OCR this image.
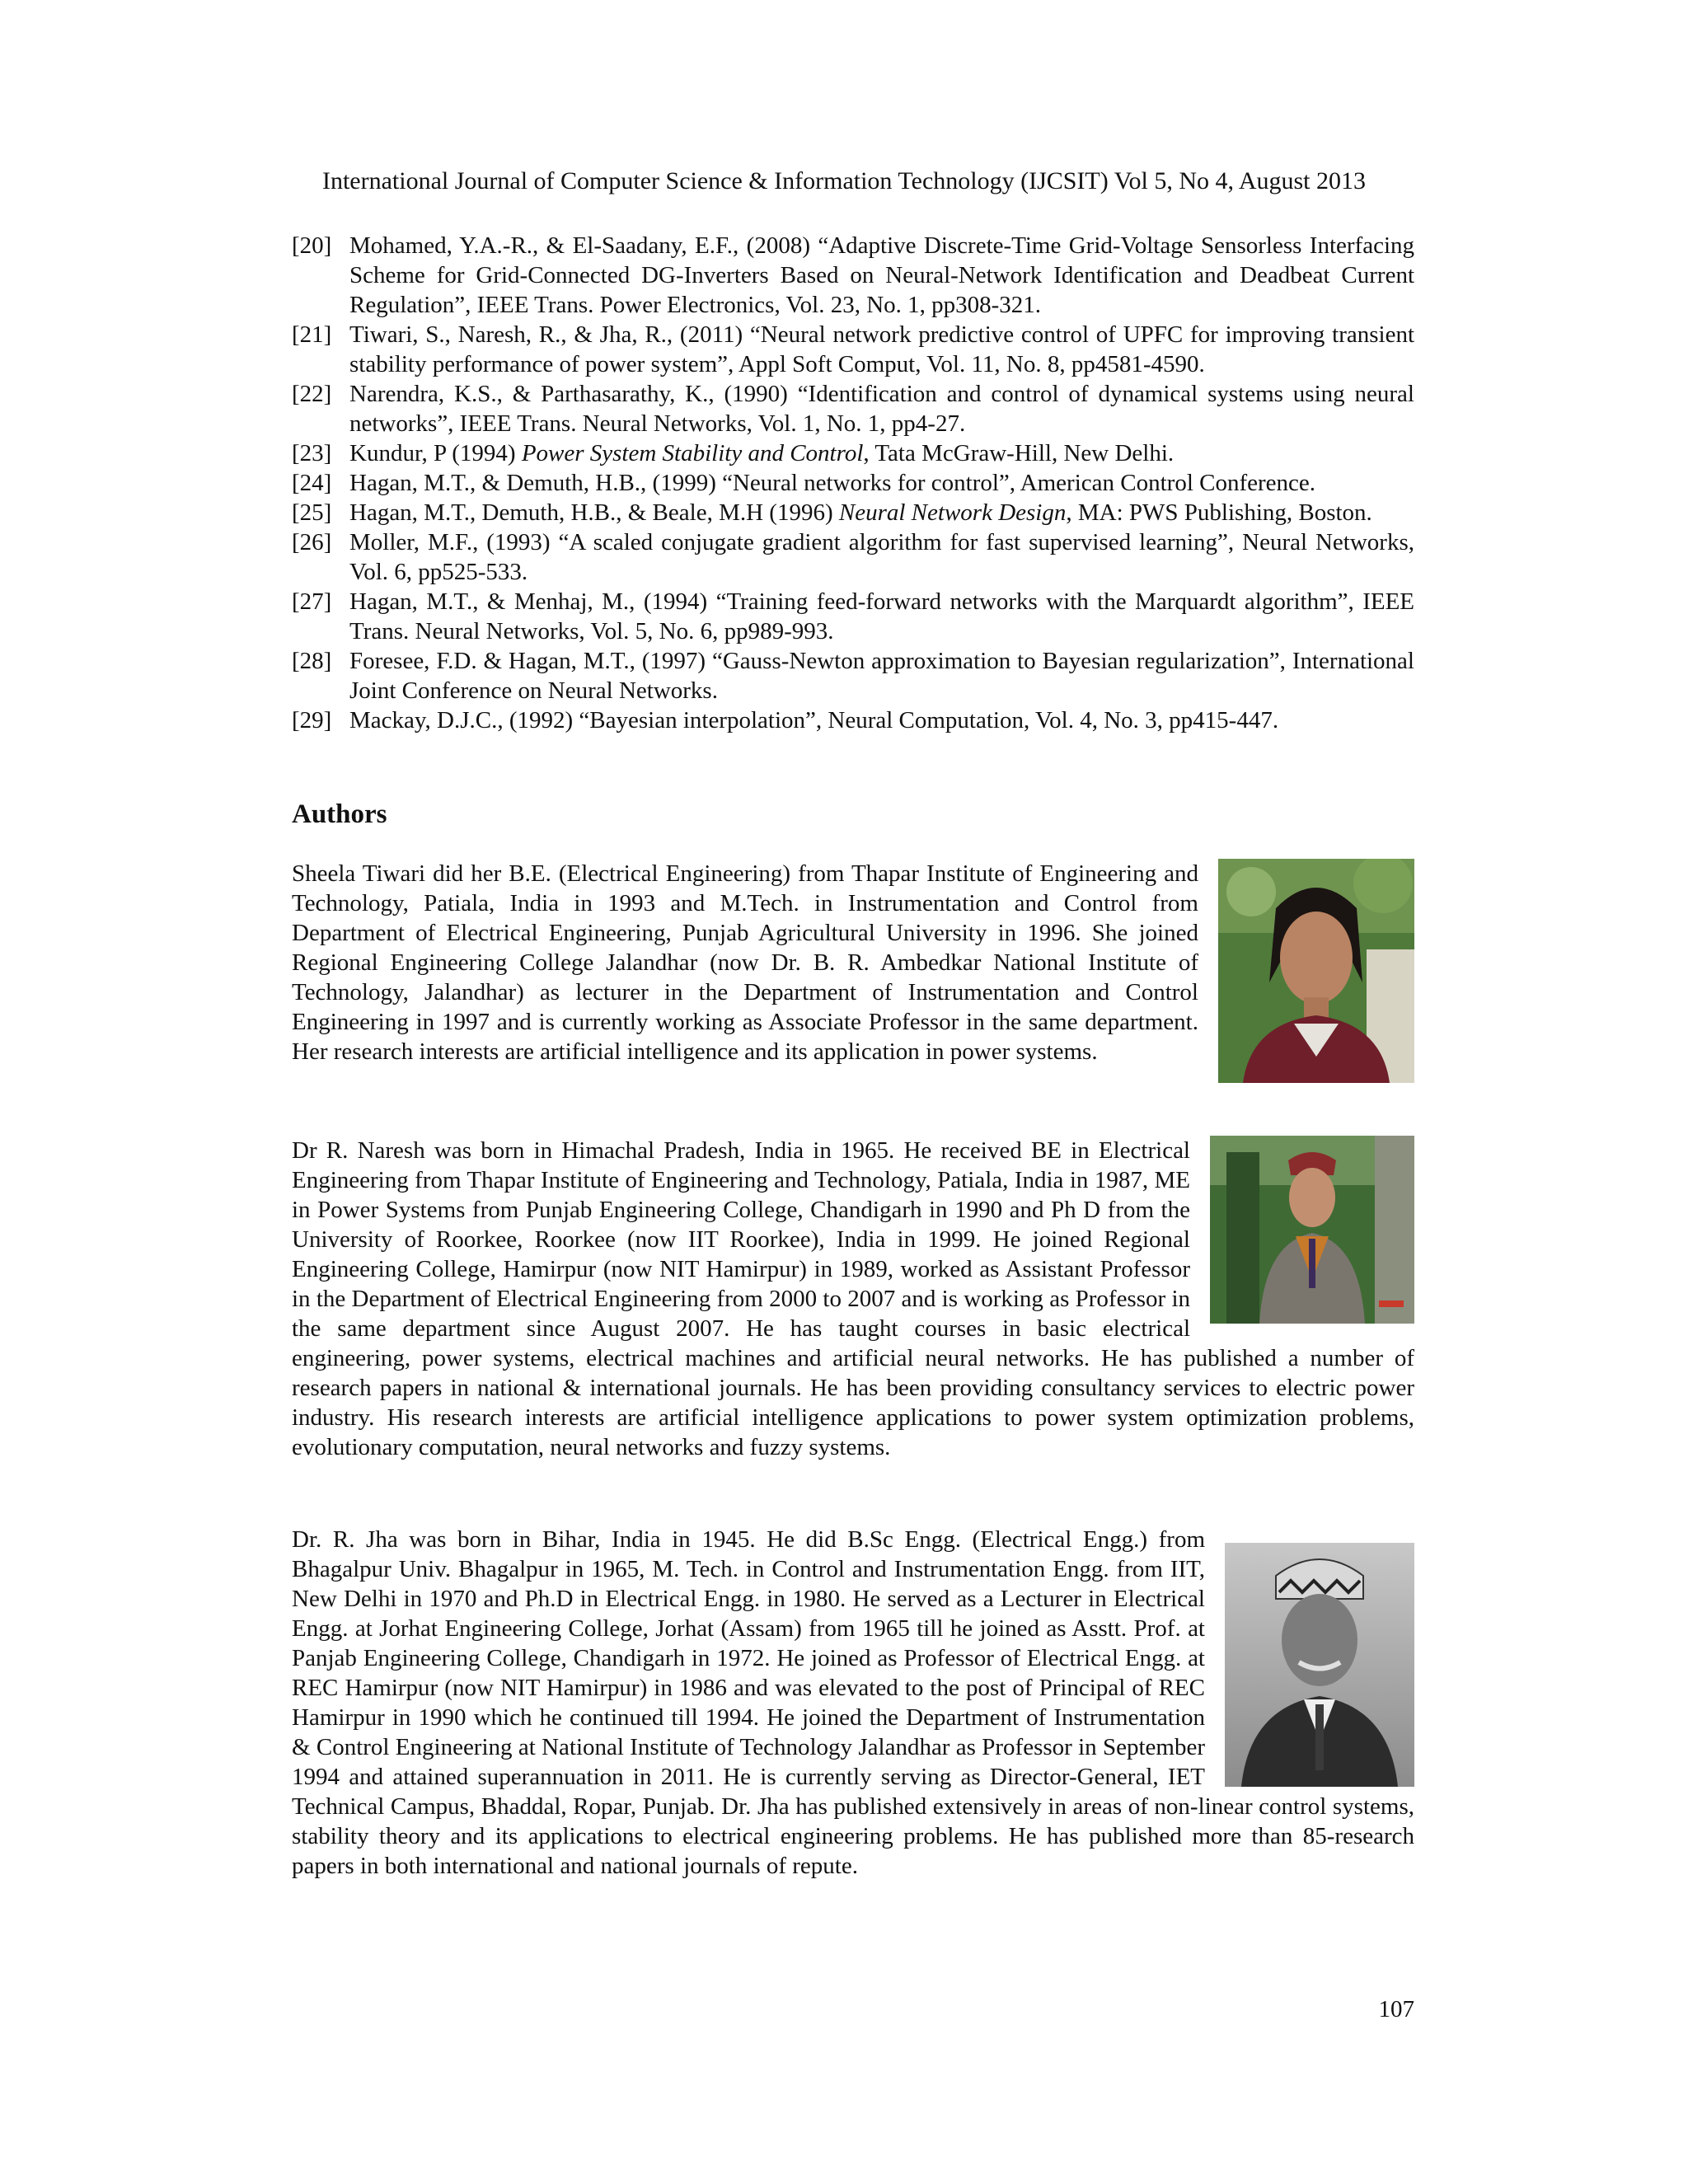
International Journal of Computer Science & Information Technology (IJCSIT) Vol 5, No 4, August 2013
[20] Mohamed, Y.A.-R., & El-Saadany, E.F., (2008) “Adaptive Discrete-Time Grid-Voltage Sensorless Interfacing Scheme for Grid-Connected DG-Inverters Based on Neural-Network Identification and Deadbeat Current Regulation”, IEEE Trans. Power Electronics, Vol. 23, No. 1, pp308-321.
[21] Tiwari, S., Naresh, R., & Jha, R., (2011) “Neural network predictive control of UPFC for improving transient stability performance of power system”, Appl Soft Comput, Vol. 11, No. 8, pp4581-4590.
[22] Narendra, K.S., & Parthasarathy, K., (1990) “Identification and control of dynamical systems using neural networks”, IEEE Trans. Neural Networks, Vol. 1, No. 1, pp4-27.
[23] Kundur, P (1994) Power System Stability and Control, Tata McGraw-Hill, New Delhi.
[24] Hagan, M.T., & Demuth, H.B., (1999) “Neural networks for control”, American Control Conference.
[25] Hagan, M.T., Demuth, H.B., & Beale, M.H (1996) Neural Network Design, MA: PWS Publishing, Boston.
[26] Moller, M.F., (1993) “A scaled conjugate gradient algorithm for fast supervised learning”, Neural Networks, Vol. 6, pp525-533.
[27] Hagan, M.T., & Menhaj, M., (1994) “Training feed-forward networks with the Marquardt algorithm”, IEEE Trans. Neural Networks, Vol. 5, No. 6, pp989-993.
[28] Foresee, F.D. & Hagan, M.T., (1997) “Gauss-Newton approximation to Bayesian regularization”, International Joint Conference on Neural Networks.
[29] Mackay, D.J.C., (1992) “Bayesian interpolation”, Neural Computation, Vol. 4, No. 3, pp415-447.
Authors
Sheela Tiwari did her B.E. (Electrical Engineering) from Thapar Institute of Engineering and Technology, Patiala, India in 1993 and M.Tech. in Instrumentation and Control from Department of Electrical Engineering, Punjab Agricultural University in 1996. She joined Regional Engineering College Jalandhar (now Dr. B. R. Ambedkar National Institute of Technology, Jalandhar) as lecturer in the Department of Instrumentation and Control Engineering in 1997 and is currently working as Associate Professor in the same department. Her research interests are artificial intelligence and its application in power systems.
Dr R. Naresh was born in Himachal Pradesh, India in 1965. He received BE in Electrical Engineering from Thapar Institute of Engineering and Technology, Patiala, India in 1987, ME in Power Systems from Punjab Engineering College, Chandigarh in 1990 and Ph D from the University of Roorkee, Roorkee (now IIT Roorkee), India in 1999. He joined Regional Engineering College, Hamirpur (now NIT Hamirpur) in 1989, worked as Assistant Professor in the Department of Electrical Engineering from 2000 to 2007 and is working as Professor in the same department since August 2007. He has taught courses in basic electrical engineering, power systems, electrical machines and artificial neural networks. He has published a number of research papers in national & international journals. He has been providing consultancy services to electric power industry. His research interests are artificial intelligence applications to power system optimization problems, evolutionary computation, neural networks and fuzzy systems.
Dr. R. Jha was born in Bihar, India in 1945. He did B.Sc Engg. (Electrical Engg.) from Bhagalpur Univ. Bhagalpur in 1965, M. Tech. in Control and Instrumentation Engg. from IIT, New Delhi in 1970 and Ph.D in Electrical Engg. in 1980. He served as a Lecturer in Electrical Engg. at Jorhat Engineering College, Jorhat (Assam) from 1965 till he joined as Asstt. Prof. at Panjab Engineering College, Chandigarh in 1972. He joined as Professor of Electrical Engg. at REC Hamirpur (now NIT Hamirpur) in 1986 and was elevated to the post of Principal of REC Hamirpur in 1990 which he continued till 1994. He joined the Department of Instrumentation & Control Engineering at National Institute of Technology Jalandhar as Professor in September 1994 and attained superannuation in 2011. He is currently serving as Director-General, IET Technical Campus, Bhaddal, Ropar, Punjab. Dr. Jha has published extensively in areas of non-linear control systems, stability theory and its applications to electrical engineering problems. He has published more than 85-research papers in both international and national journals of repute.
107
